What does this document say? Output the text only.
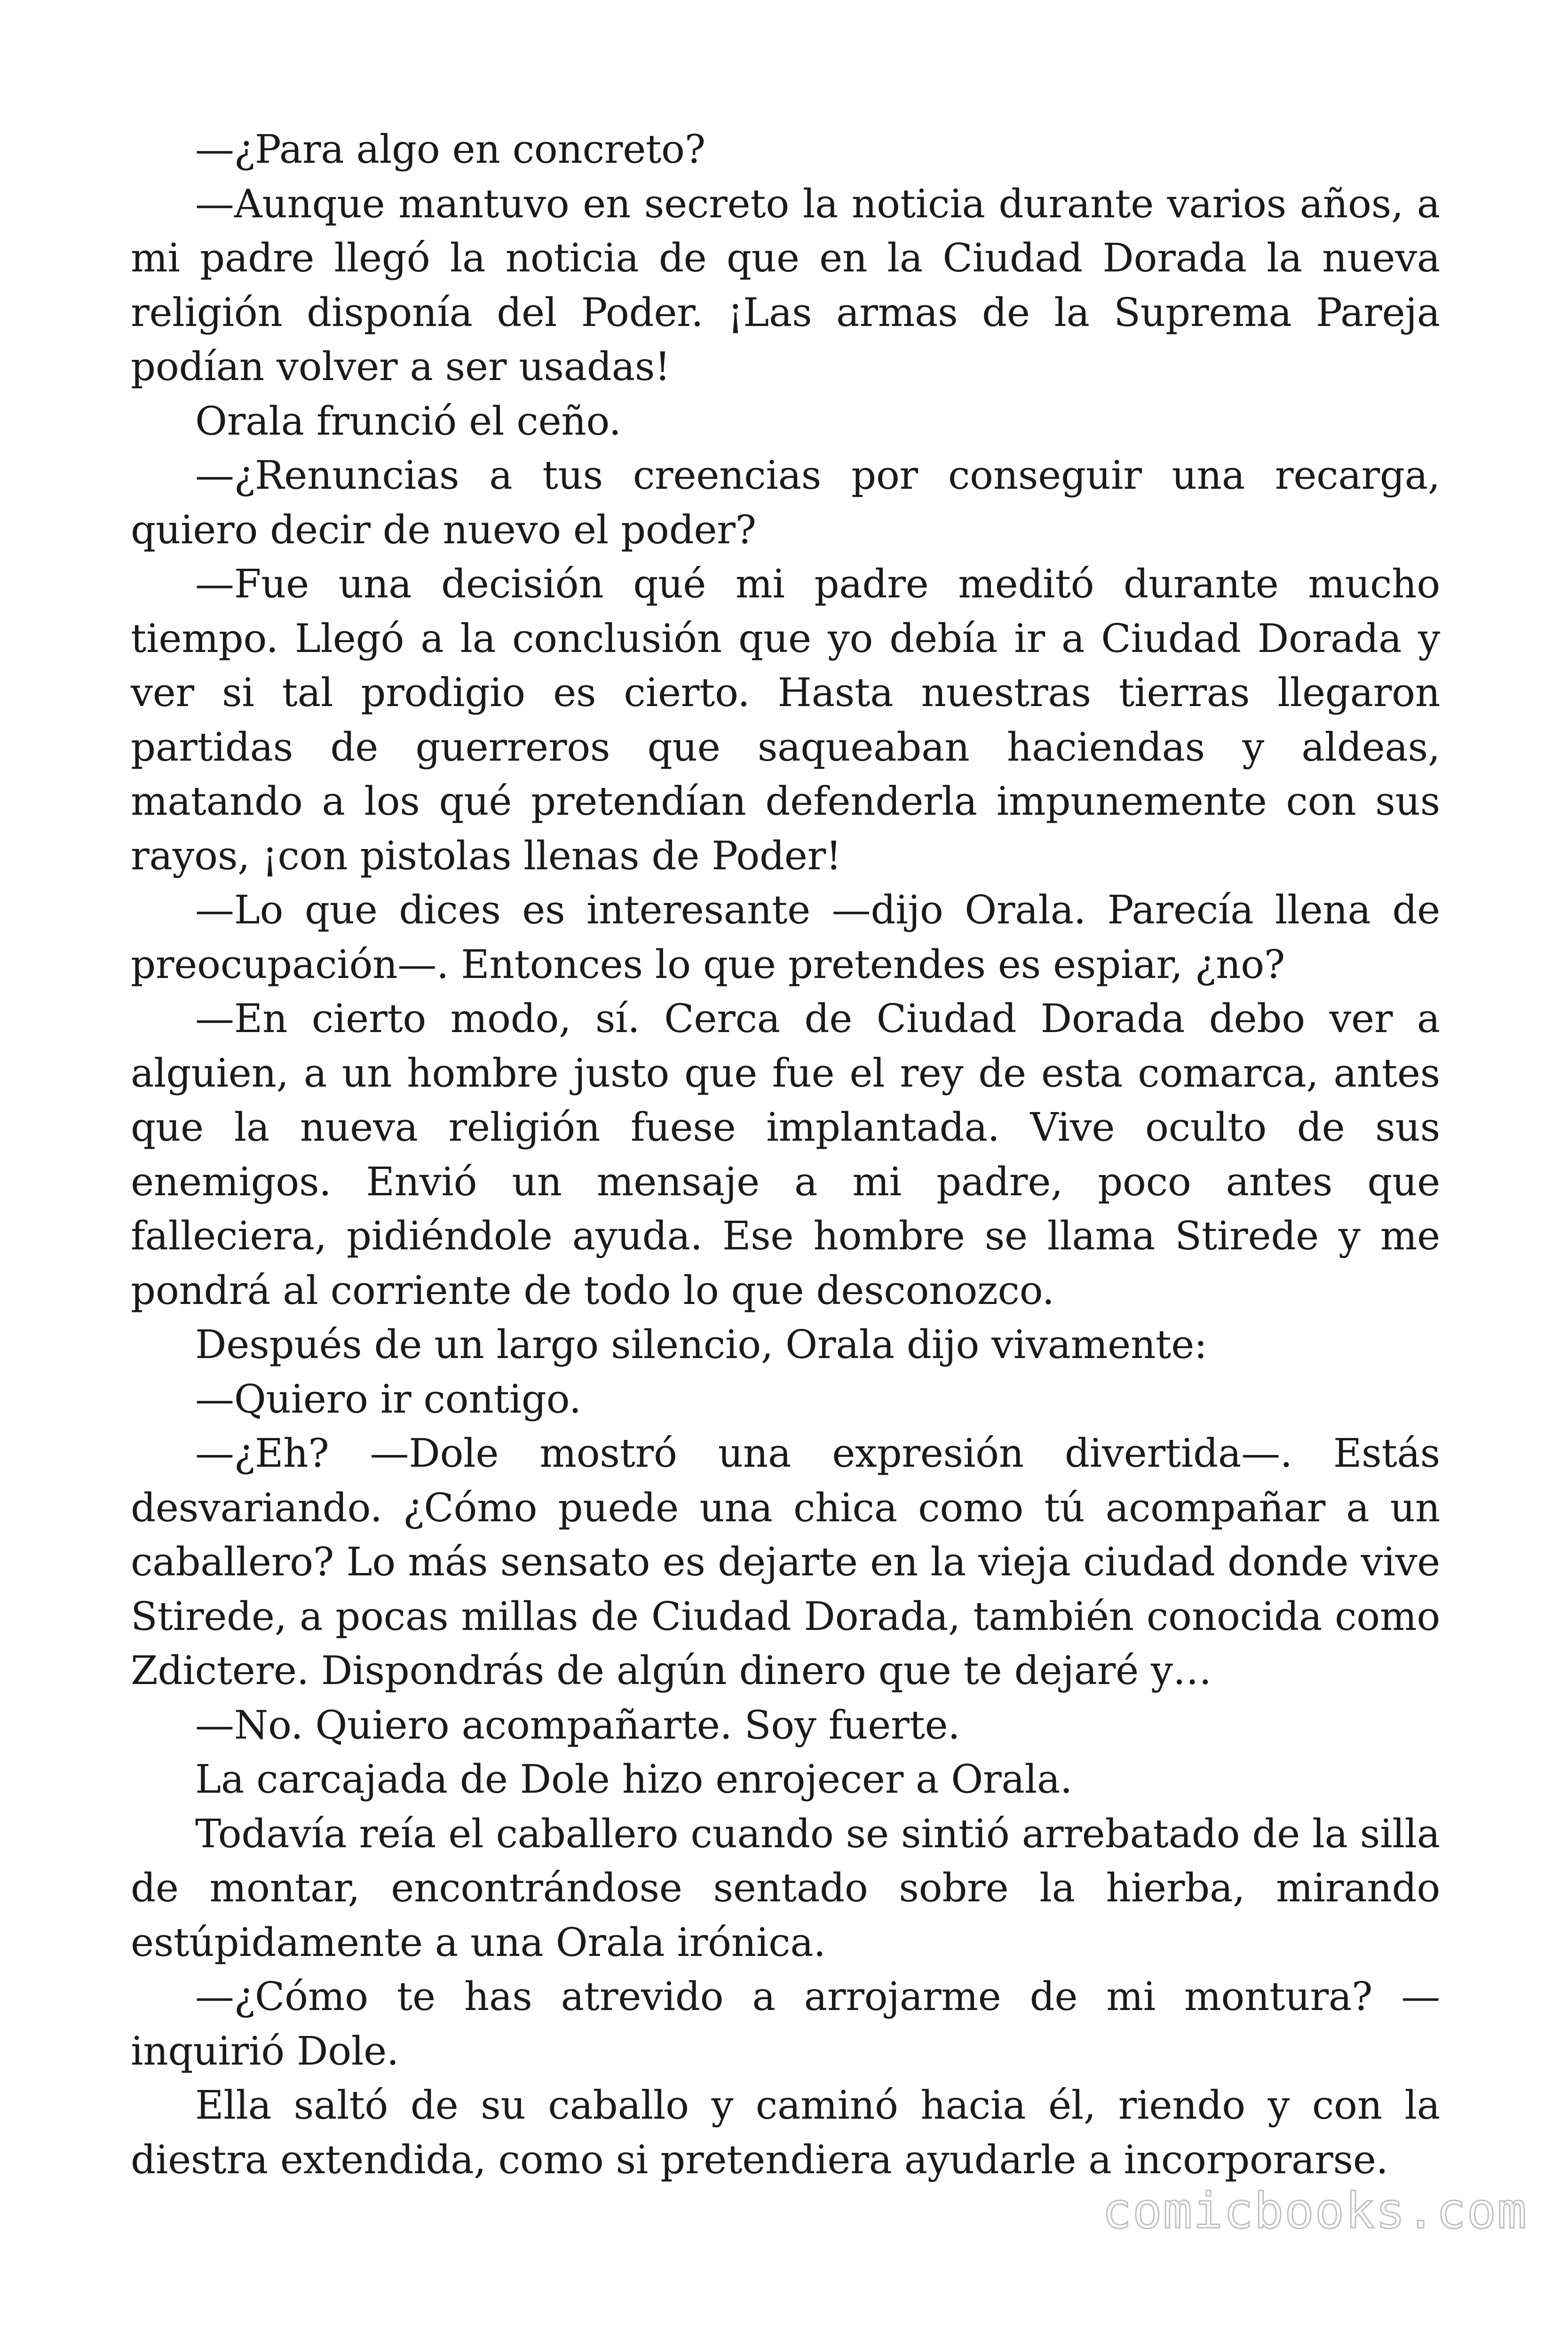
—¿Para algo en concreto?

—Aunque mantuvo en secreto la noticia durante varios años, a mi padre llegó la noticia de que en la Ciudad Dorada la nueva religión disponía del Poder. ¡Las armas de la Suprema Pareja podían volver a ser usadas!

Orala frunció el ceño.

—¿Renuncias a tus creencias por conseguir una recarga, quiero decir de nuevo el poder?

—Fue una decisión qué mi padre meditó durante mucho tiempo. Llegó a la conclusión que yo debía ir a Ciudad Dorada y ver si tal prodigio es cierto. Hasta nuestras tierras llegaron partidas de guerreros que saqueaban haciendas y aldeas, matando a los qué pretendían defenderla impunemente con sus rayos, ¡con pistolas llenas de Poder!

—Lo que dices es interesante —dijo Orala. Parecía llena de preocupación—. Entonces lo que pretendes es espiar, ¿no?

—En cierto modo, sí. Cerca de Ciudad Dorada debo ver a alguien, a un hombre justo que fue el rey de esta comarca, antes que la nueva religión fuese implantada. Vive oculto de sus enemigos. Envió un mensaje a mi padre, poco antes que falleciera, pidiéndole ayuda. Ese hombre se llama Stirede y me pondrá al corriente de todo lo que desconozco.

Después de un largo silencio, Orala dijo vivamente:

—Quiero ir contigo.

—¿Eh? —Dole mostró una expresión divertida—. Estás desvariando. ¿Cómo puede una chica como tú acompañar a un caballero? Lo más sensato es dejarte en la vieja ciudad donde vive Stirede, a pocas millas de Ciudad Dorada, también conocida como Zdictere. Dispondrás de algún dinero que te dejaré y…

—No. Quiero acompañarte. Soy fuerte.

La carcajada de Dole hizo enrojecer a Orala.

Todavía reía el caballero cuando se sintió arrebatado de la silla de montar, encontrándose sentado sobre la hierba, mirando estúpidamente a una Orala irónica.

—¿Cómo te has atrevido a arrojarme de mi montura? —inquirió Dole.

Ella saltó de su caballo y caminó hacia él, riendo y con la diestra extendida, como si pretendiera ayudarle a incorporarse.

comicbooks.com
